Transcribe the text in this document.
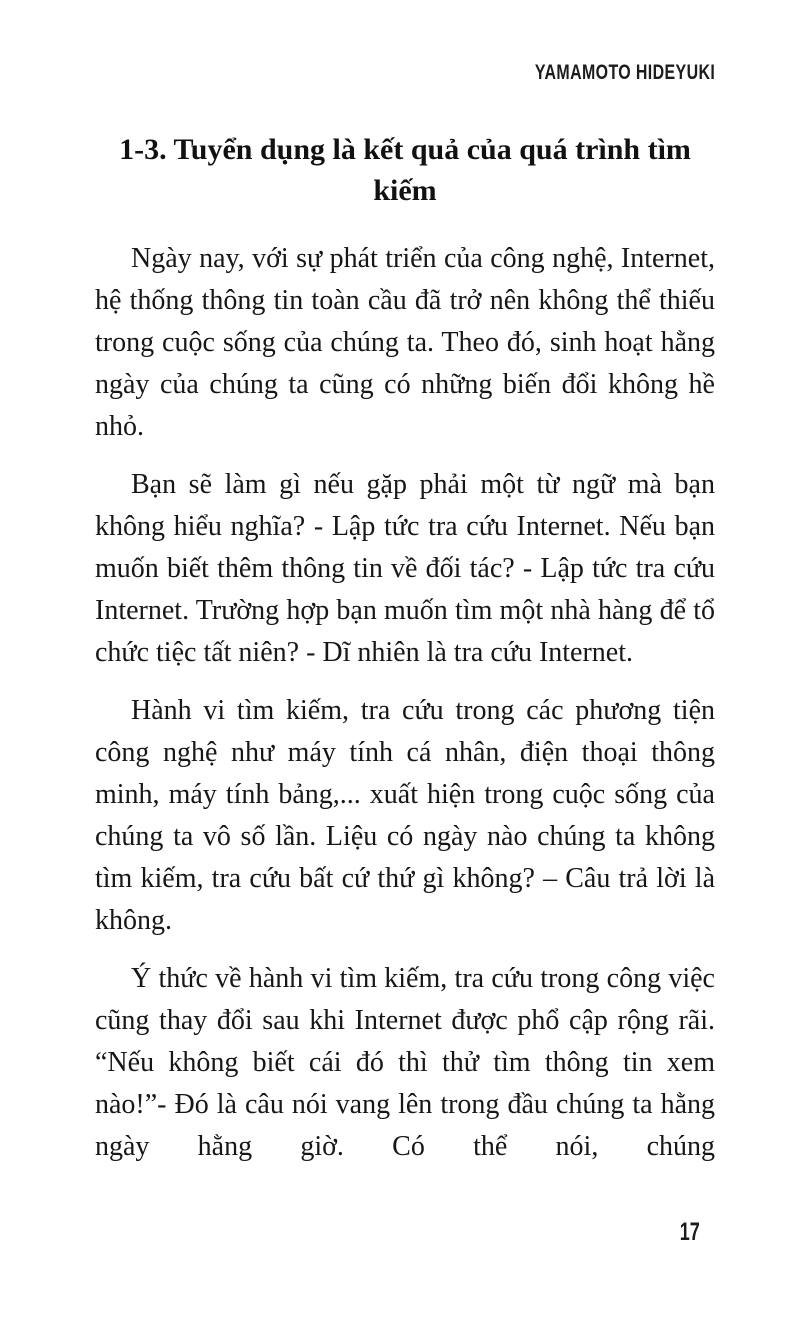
YAMAMOTO HIDEYUKI
1-3. Tuyển dụng là kết quả của quá trình tìm kiếm

Ngày nay, với sự phát triển của công nghệ, Internet, hệ thống thông tin toàn cầu đã trở nên không thể thiếu trong cuộc sống của chúng ta. Theo đó, sinh hoạt hằng ngày của chúng ta cũng có những biến đổi không hề nhỏ.

Bạn sẽ làm gì nếu gặp phải một từ ngữ mà bạn không hiểu nghĩa? - Lập tức tra cứu Internet. Nếu bạn muốn biết thêm thông tin về đối tác? - Lập tức tra cứu Internet. Trường hợp bạn muốn tìm một nhà hàng để tổ chức tiệc tất niên? - Dĩ nhiên là tra cứu Internet.

Hành vi tìm kiếm, tra cứu trong các phương tiện công nghệ như máy tính cá nhân, điện thoại thông minh, máy tính bảng,... xuất hiện trong cuộc sống của chúng ta vô số lần. Liệu có ngày nào chúng ta không tìm kiếm, tra cứu bất cứ thứ gì không? – Câu trả lời là không.

Ý thức về hành vi tìm kiếm, tra cứu trong công việc cũng thay đổi sau khi Internet được phổ cập rộng rãi. “Nếu không biết cái đó thì thử tìm thông tin xem nào!”- Đó là câu nói vang lên trong đầu chúng ta hằng ngày hằng giờ. Có thể nói, chúng

17
